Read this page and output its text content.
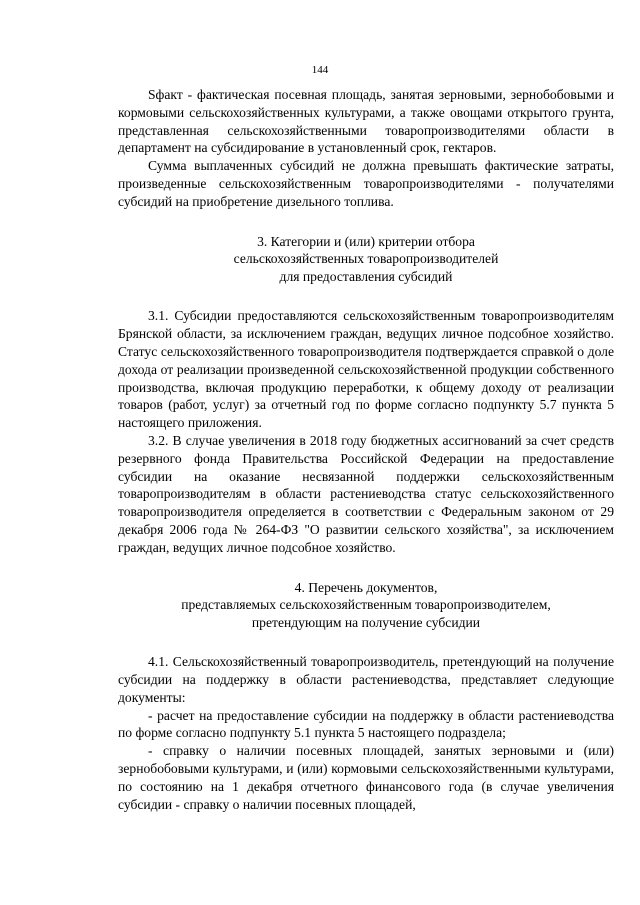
144

Sфакт - фактическая посевная площадь, занятая зерновыми, зернобобовыми и кормовыми сельскохозяйственных культурами, а также овощами открытого грунта, представленная сельскохозяйственными товаропроизводителями области в департамент на субсидирование в установленный срок, гектаров.

Сумма выплаченных субсидий не должна превышать фактические затраты, произведенные сельскохозяйственным товаропроизводителями - получателями субсидий на приобретение дизельного топлива.

3. Категории и (или) критерии отбора
сельскохозяйственных товаропроизводителей
для предоставления субсидий

3.1. Субсидии предоставляются сельскохозяйственным товаропроизводителям Брянской области, за исключением граждан, ведущих личное подсобное хозяйство. Статус сельскохозяйственного товаропроизводителя подтверждается справкой о доле дохода от реализации произведенной сельскохозяйственной продукции собственного производства, включая продукцию переработки, к общему доходу от реализации товаров (работ, услуг) за отчетный год по форме согласно подпункту 5.7 пункта 5 настоящего приложения.

3.2. В случае увеличения в 2018 году бюджетных ассигнований за счет средств резервного фонда Правительства Российской Федерации на предоставление субсидии на оказание несвязанной поддержки сельскохозяйственным товаропроизводителям в области растениеводства статус сельскохозяйственного товаропроизводителя определяется в соответствии с Федеральным законом от 29 декабря 2006 года № 264-ФЗ "О развитии сельского хозяйства", за исключением граждан, ведущих личное подсобное хозяйство.

4. Перечень документов,
представляемых сельскохозяйственным товаропроизводителем,
претендующим на получение субсидии

4.1. Сельскохозяйственный товаропроизводитель, претендующий на получение субсидии на поддержку в области растениеводства, представляет следующие документы:

- расчет на предоставление субсидии на поддержку в области растениеводства по форме согласно подпункту 5.1 пункта 5 настоящего подраздела;

- справку о наличии посевных площадей, занятых зерновыми и (или) зернобобовыми культурами, и (или) кормовыми сельскохозяйственными культурами, по состоянию на 1 декабря отчетного финансового года (в случае увеличения субсидии - справку о наличии посевных площадей,
